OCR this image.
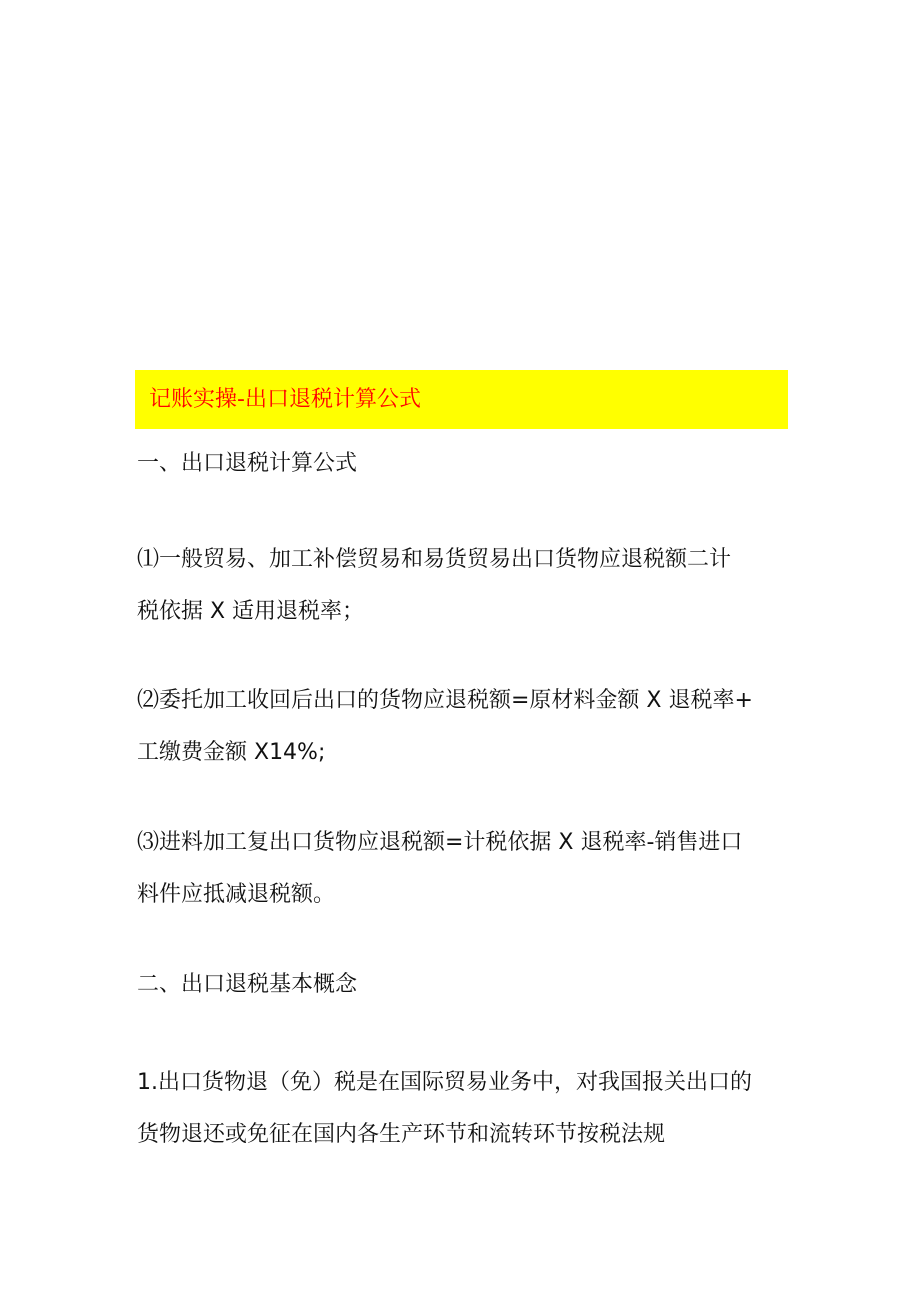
记账实操-出口退税计算公式

一、出口退税计算公式

⑴一般贸易、加工补偿贸易和易货贸易出口货物应退税额二计
税依据 X 适用退税率；

⑵委托加工收回后出口的货物应退税额=原材料金额 X 退税率+
工缴费金额 X14%;

⑶进料加工复出口货物应退税额=计税依据 X 退税率-销售进口
料件应抵减退税额。

二、出口退税基本概念

1.出口货物退（免）税是在国际贸易业务中，对我国报关出口的
货物退还或免征在国内各生产环节和流转环节按税法规
